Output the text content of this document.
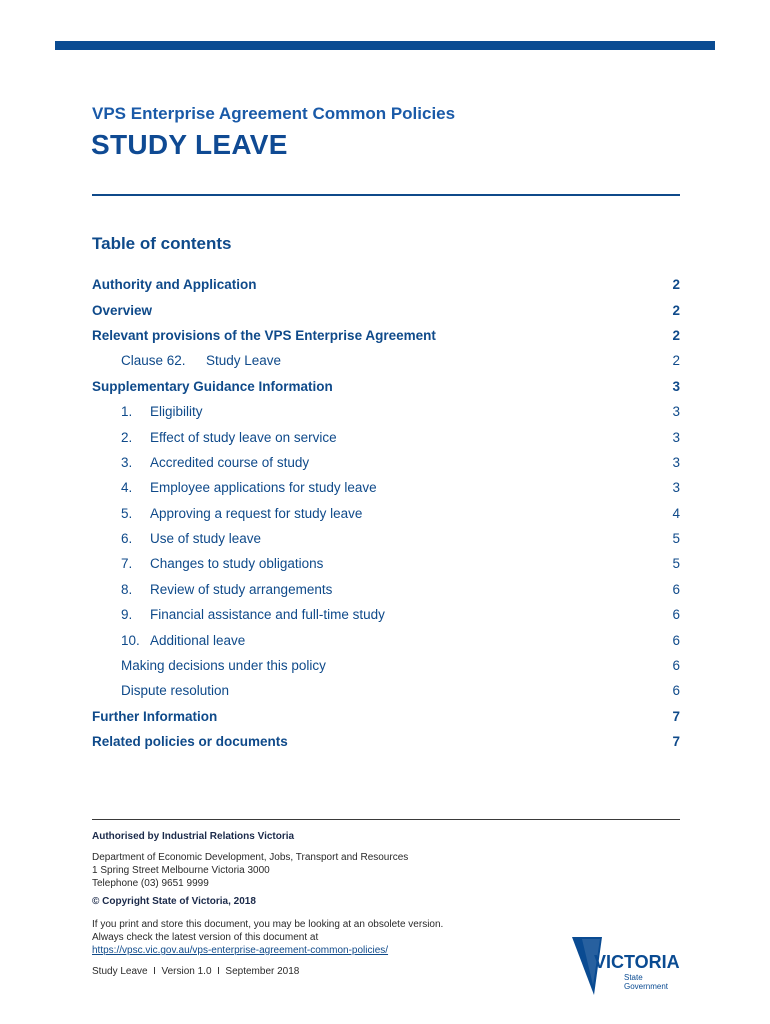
VPS Enterprise Agreement Common Policies
STUDY LEAVE
Table of contents
Authority and Application	2
Overview	2
Relevant provisions of the VPS Enterprise Agreement	2
Clause 62.	Study Leave	2
Supplementary Guidance Information	3
1.	Eligibility	3
2.	Effect of study leave on service	3
3.	Accredited course of study	3
4.	Employee applications for study leave	3
5.	Approving a request for study leave	4
6.	Use of study leave	5
7.	Changes to study obligations	5
8.	Review of study arrangements	6
9.	Financial assistance and full-time study	6
10. Additional leave	6
Making decisions under this policy	6
Dispute resolution	6
Further Information	7
Related policies or documents	7
Authorised by Industrial Relations Victoria
Department of Economic Development, Jobs, Transport and Resources
1 Spring Street Melbourne Victoria 3000
Telephone (03) 9651 9999
© Copyright State of Victoria, 2018
If you print and store this document, you may be looking at an obsolete version.
Always check the latest version of this document at
https://vpsc.vic.gov.au/vps-enterprise-agreement-common-policies/
Study Leave  I  Version 1.0  I  September 2018	VICTORIA
State
Government
